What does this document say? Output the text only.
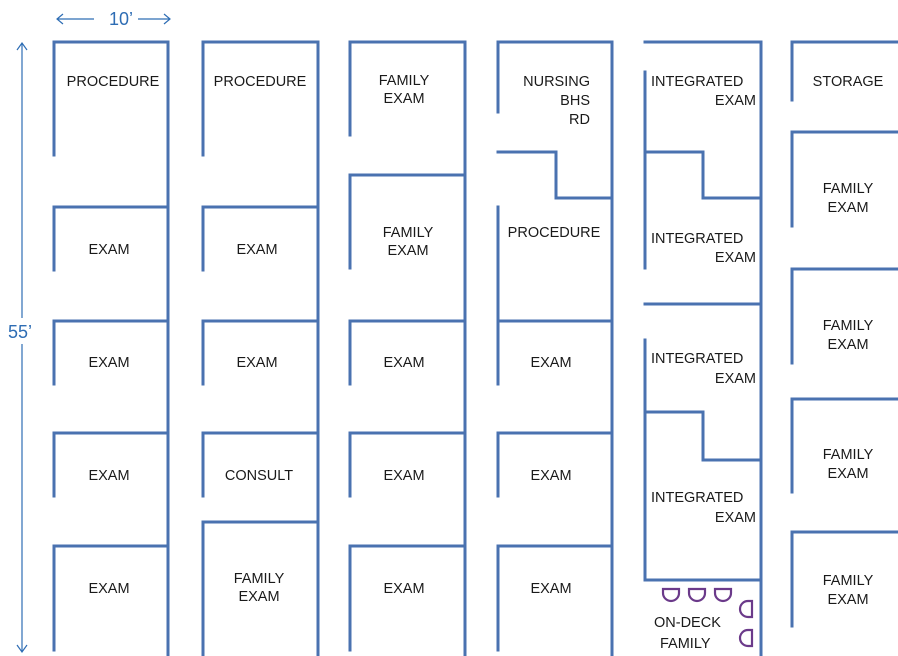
10’
55’
PROCEDURE
EXAM
EXAM
EXAM
EXAM
PROCEDURE
EXAM
EXAM
CONSULT
FAMILY EXAM
FAMILY EXAM
FAMILY EXAM
EXAM
EXAM
EXAM
NURSING BHS RD
PROCEDURE
EXAM
EXAM
EXAM
INTEGRATED EXAM
INTEGRATED EXAM
INTEGRATED EXAM
INTEGRATED EXAM
ON-DECK FAMILY
STORAGE
FAMILY EXAM
FAMILY EXAM
FAMILY EXAM
FAMILY EXAM
